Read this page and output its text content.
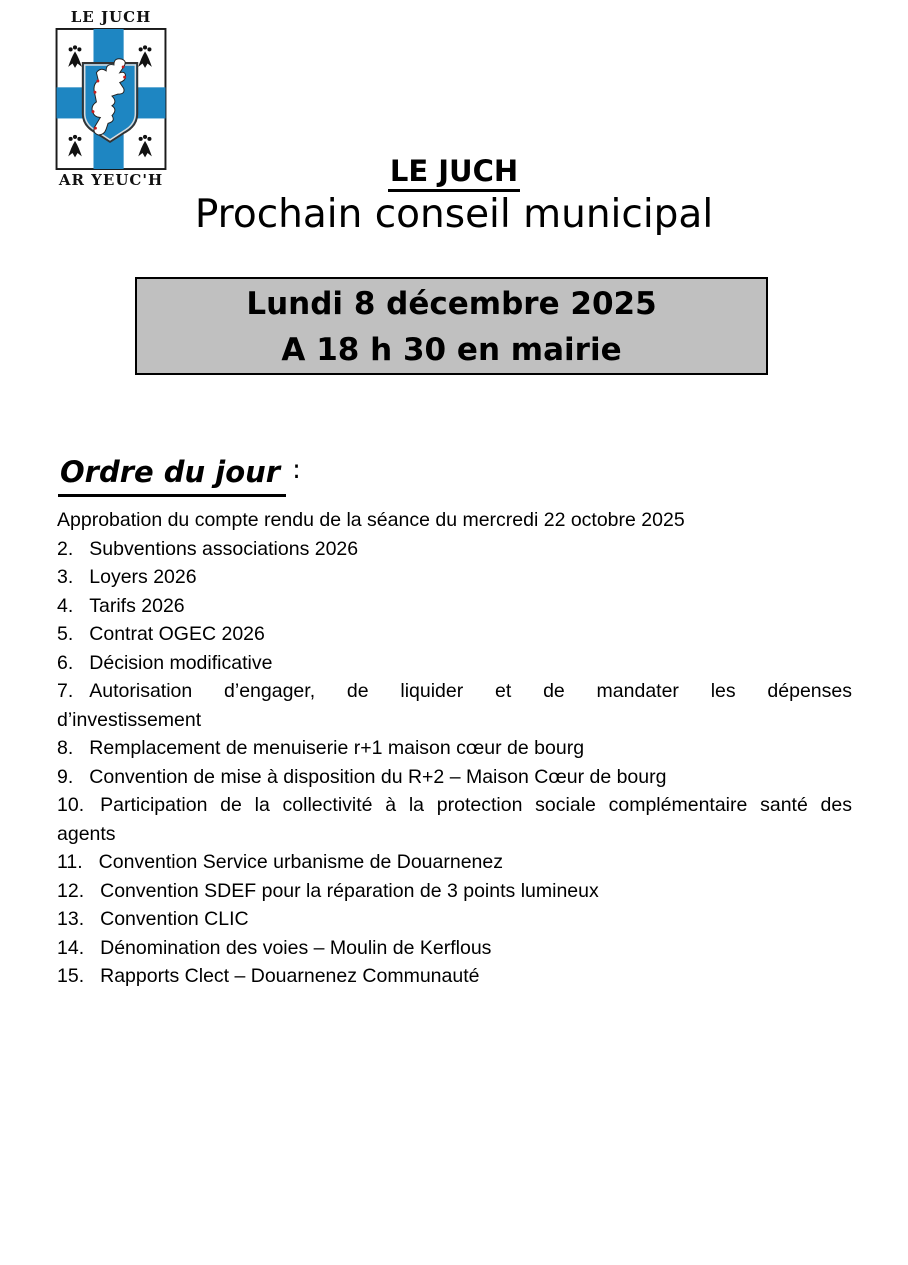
LE JUCH
AR YEUC'H	LE JUCH
Prochain conseil municipal
Lundi 8 décembre 2025
A 18 h 30 en mairie
Ordre du jour :

Approbation du compte rendu de la séance du mercredi 22 octobre 2025

2. Subventions associations 2026

3. Loyers 2026

4. Tarifs 2026

5. Contrat OGEC 2026

6. Décision modificative

7. Autorisation d’engager, de liquider et de mandater les dépenses

d’investissement

8. Remplacement de menuiserie r+1 maison cœur de bourg

9. Convention de mise à disposition du R+2 – Maison Cœur de bourg

10. Participation de la collectivité à la protection sociale complémentaire santé des

agents

11. Convention Service urbanisme de Douarnenez

12. Convention SDEF pour la réparation de 3 points lumineux

13. Convention CLIC

14. Dénomination des voies – Moulin de Kerflous

15. Rapports Clect – Douarnenez Communauté
